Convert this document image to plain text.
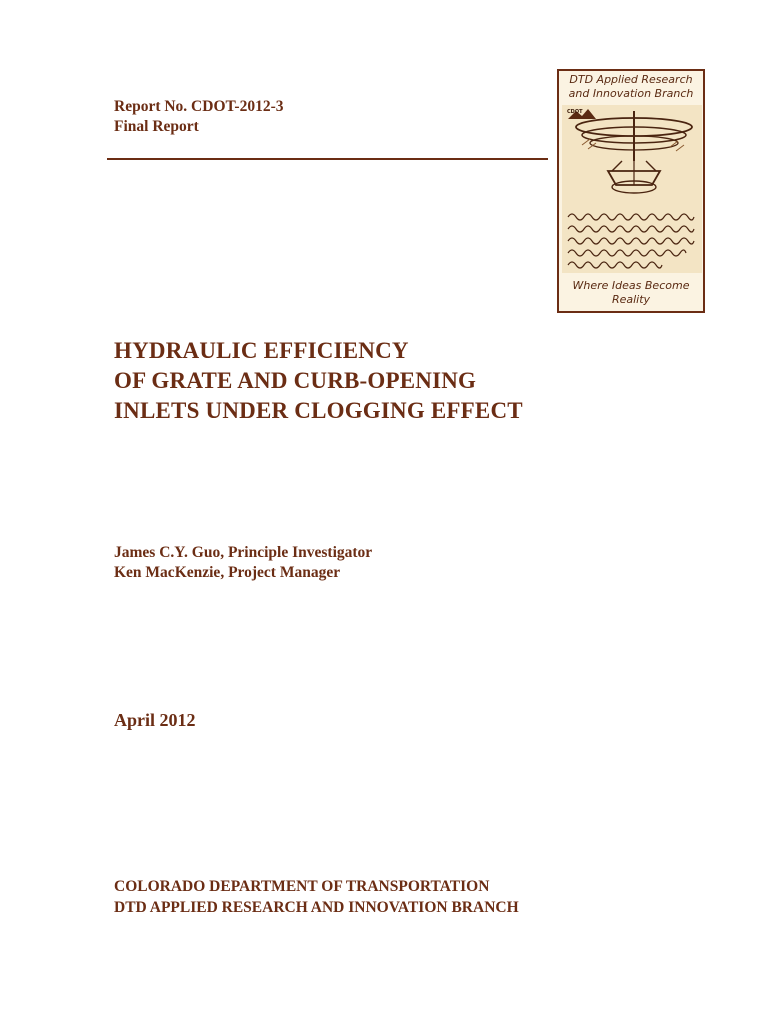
Report No. CDOT-2012-3
Final Report
DTD Applied Research
and Innovation Branch
CDOT
Where Ideas Become
Reality
HYDRAULIC EFFICIENCY
OF GRATE AND CURB-OPENING
INLETS UNDER CLOGGING EFFECT
James C.Y. Guo, Principle Investigator
Ken MacKenzie, Project Manager
April 2012
COLORADO DEPARTMENT OF TRANSPORTATION
DTD APPLIED RESEARCH AND INNOVATION BRANCH
